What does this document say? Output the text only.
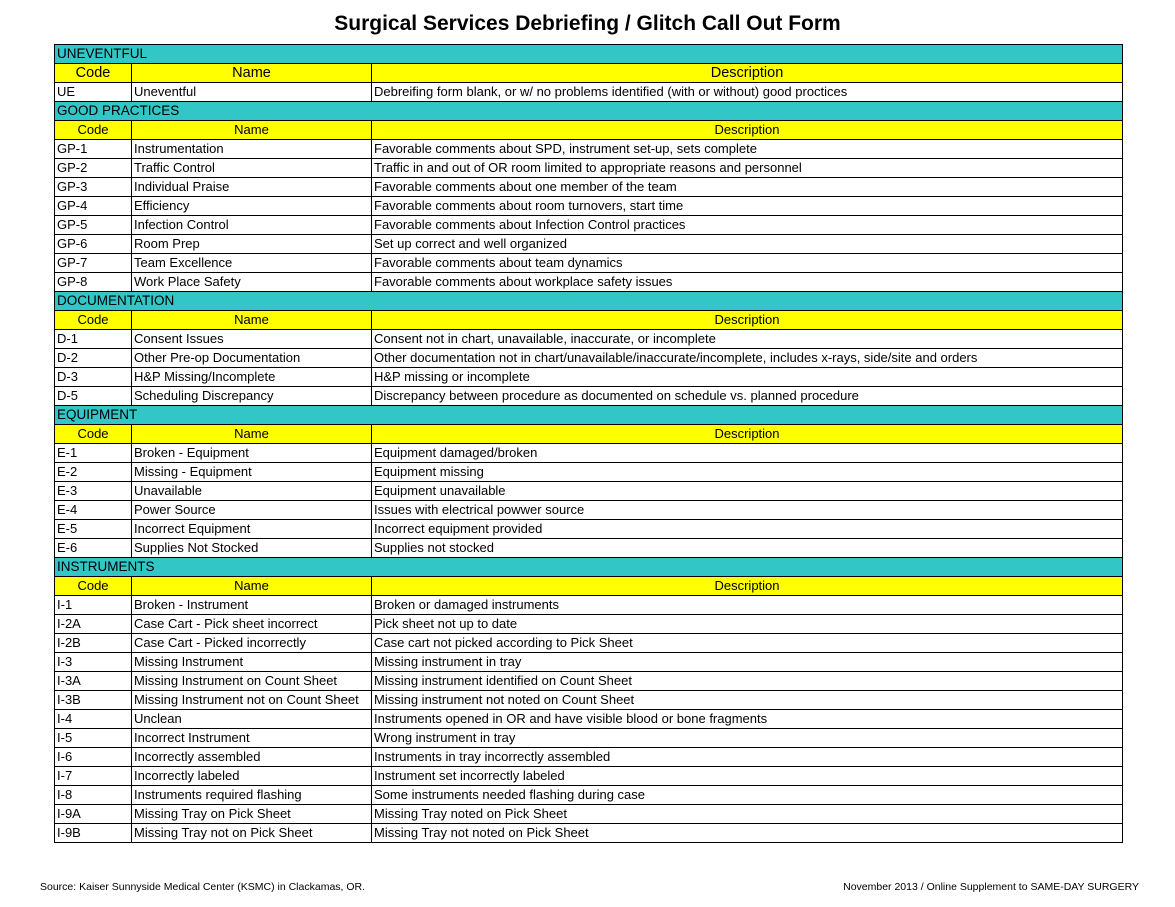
Surgical Services Debriefing / Glitch Call Out Form
UNEVENTFUL		
Code	Name	Description
UE	Uneventful	Debreifing form blank, or w/ no problems identified (with or without) good proctices
GOOD PRACTICES		
Code	Name	Description
GP-1	Instrumentation	Favorable comments about SPD, instrument set-up, sets complete
GP-2	Traffic Control	Traffic in and out of OR room limited to appropriate reasons and personnel
GP-3	Individual Praise	Favorable comments about one member of the team
GP-4	Efficiency	Favorable comments about room turnovers, start time
GP-5	Infection Control	Favorable comments about Infection Control practices
GP-6	Room Prep	Set up correct and well organized
GP-7	Team Excellence	Favorable comments about team dynamics
GP-8	Work Place Safety	Favorable comments about workplace safety issues
DOCUMENTATION		
Code	Name	Description
D-1	Consent Issues	Consent not in chart, unavailable, inaccurate, or incomplete
D-2	Other Pre-op Documentation	Other documentation not in chart/unavailable/inaccurate/incomplete, includes x-rays, side/site and orders
D-3	H&P Missing/Incomplete	H&P missing or incomplete
D-5	Scheduling Discrepancy	Discrepancy between procedure as documented on schedule vs. planned procedure
EQUIPMENT		
Code	Name	Description
E-1	Broken - Equipment	Equipment damaged/broken
E-2	Missing - Equipment	Equipment missing
E-3	Unavailable	Equipment unavailable
E-4	Power Source	Issues with electrical powwer source
E-5	Incorrect Equipment	Incorrect equipment provided
E-6	Supplies Not Stocked	Supplies not stocked
INSTRUMENTS		
Code	Name	Description
I-1	Broken - Instrument	Broken or damaged instruments
I-2A	Case Cart - Pick sheet incorrect	Pick sheet not up to date
I-2B	Case Cart - Picked incorrectly	Case cart not picked according to Pick Sheet
I-3	Missing Instrument	Missing instrument in tray
I-3A	Missing Instrument on Count Sheet	Missing instrument identified on Count Sheet
I-3B	Missing Instrument not on Count Sheet	Missing instrument not noted on Count Sheet
I-4	Unclean	Instruments opened in OR and have visible blood or bone fragments
I-5	Incorrect Instrument	Wrong instrument in tray
I-6	Incorrectly assembled	Instruments in tray incorrectly assembled
I-7	Incorrectly labeled	Instrument set incorrectly labeled
I-8	Instruments required flashing	Some instruments needed flashing during case
I-9A	Missing Tray on Pick Sheet	Missing Tray noted on Pick Sheet
I-9B	Missing Tray not on Pick Sheet	Missing Tray not noted on Pick Sheet
Source: Kaiser Sunnyside Medical Center (KSMC) in Clackamas, OR.	November 2013 / Online Supplement to SAME-DAY SURGERY
